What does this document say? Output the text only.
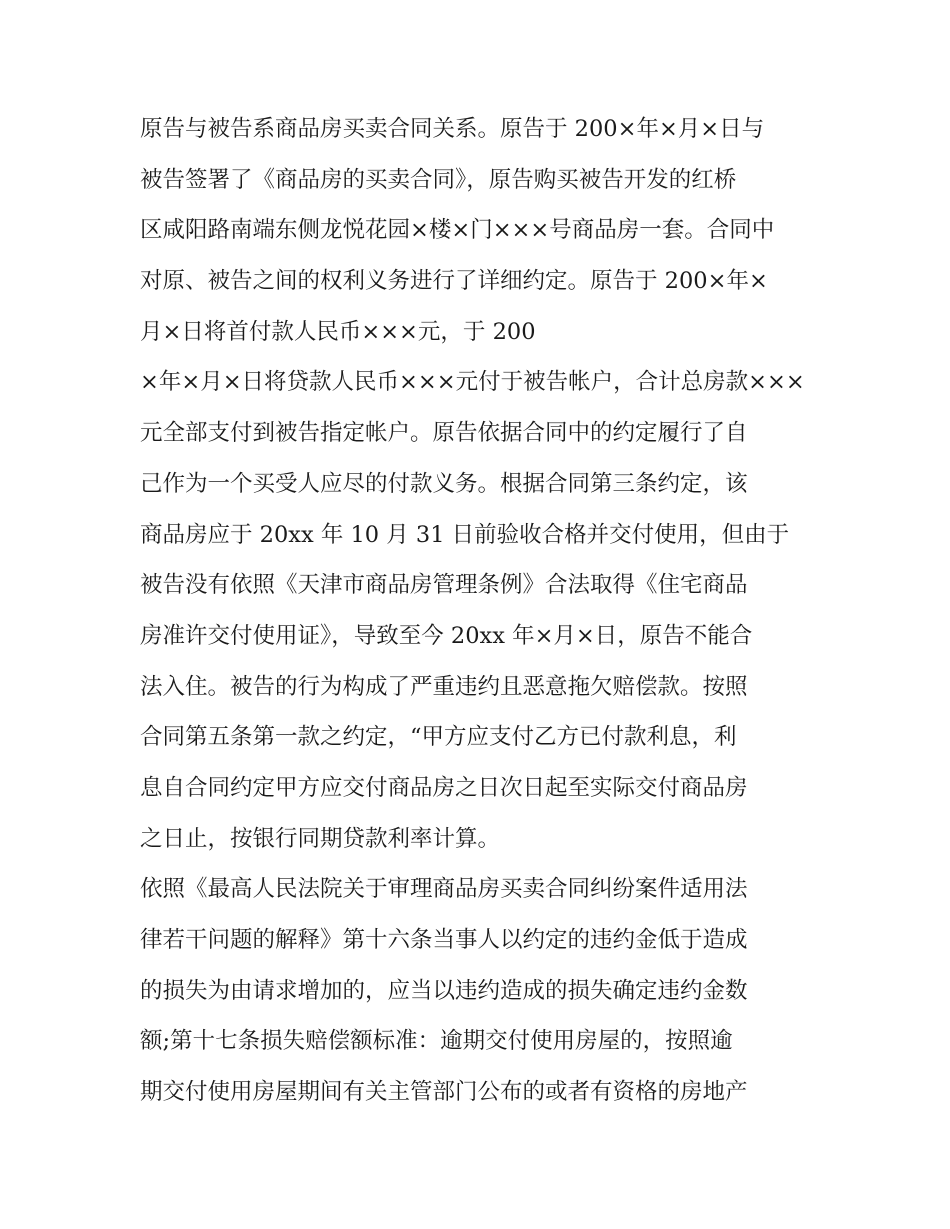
原告与被告系商品房买卖合同关系。原告于 200×年×月×日与
被告签署了《商品房的买卖合同》，原告购买被告开发的红桥
区咸阳路南端东侧龙悦花园×楼×门×××号商品房一套。合同中
对原、被告之间的权利义务进行了详细约定。原告于 200×年×
月×日将首付款人民币×××元，于 200
×年×月×日将贷款人民币×××元付于被告帐户，合计总房款×××
元全部支付到被告指定帐户。原告依据合同中的约定履行了自
己作为一个买受人应尽的付款义务。根据合同第三条约定，该
商品房应于 20xx 年 10 月 31 日前验收合格并交付使用，但由于
被告没有依照《天津市商品房管理条例》合法取得《住宅商品
房准许交付使用证》，导致至今 20xx 年×月×日，原告不能合
法入住。被告的行为构成了严重违约且恶意拖欠赔偿款。按照
合同第五条第一款之约定，“甲方应支付乙方已付款利息，利
息自合同约定甲方应交付商品房之日次日起至实际交付商品房
之日止，按银行同期贷款利率计算。
依照《最高人民法院关于审理商品房买卖合同纠纷案件适用法
律若干问题的解释》第十六条当事人以约定的违约金低于造成
的损失为由请求增加的，应当以违约造成的损失确定违约金数
额;第十七条损失赔偿额标准：逾期交付使用房屋的，按照逾
期交付使用房屋期间有关主管部门公布的或者有资格的房地产
